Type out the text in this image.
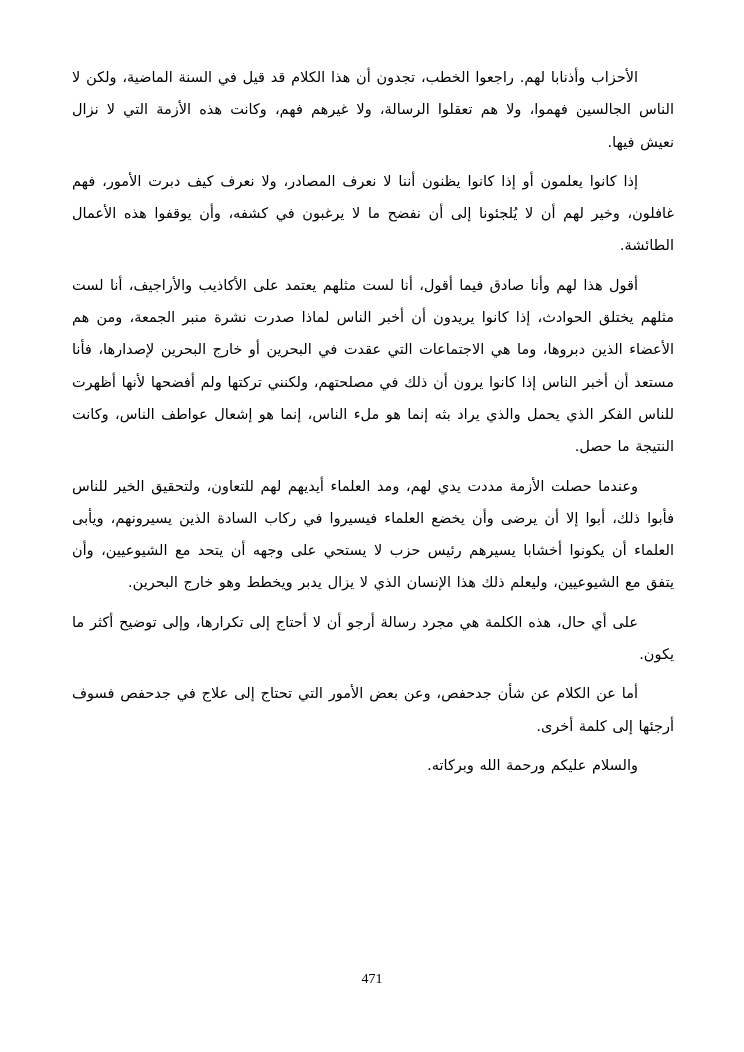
الأحزاب وأذنابا لهم. راجعوا الخطب، تجدون أن هذا الكلام قد قيل في السنة الماضية، ولكن لا الناس الجالسين فهموا، ولا هم تعقلوا الرسالة، ولا غيرهم فهم، وكانت هذه الأزمة التي لا نزال نعيش فيها.

إذا كانوا يعلمون أو إذا كانوا يظنون أننا لا نعرف المصادر، ولا نعرف كيف دبرت الأمور، فهم غافلون، وخير لهم أن لا يُلجئونا إلى أن نفضح ما لا يرغبون في كشفه، وأن يوقفوا هذه الأعمال الطائشة.

أقول هذا لهم وأنا صادق فيما أقول، أنا لست مثلهم يعتمد على الأكاذيب والأراجيف، أنا لست مثلهم يختلق الحوادث، إذا كانوا يريدون أن أخبر الناس لماذا صدرت نشرة منبر الجمعة، ومن هم الأعضاء الذين دبروها، وما هي الاجتماعات التي عقدت في البحرين أو خارج البحرين لإصدارها، فأنا مستعد أن أخبر الناس إذا كانوا يرون أن ذلك في مصلحتهم، ولكنني تركتها ولم أفضحها لأنها أظهرت للناس الفكر الذي يحمل والذي يراد بثه إنما هو ملء الناس، إنما هو إشعال عواطف الناس، وكانت النتيجة ما حصل.

وعندما حصلت الأزمة مددت يدي لهم، ومد العلماء أيديهم لهم للتعاون، ولتحقيق الخير للناس فأبوا ذلك، أبوا إلا أن يرضى وأن يخضع العلماء فيسيروا في ركاب السادة الذين يسيرونهم، ويأبى العلماء أن يكونوا أخشابا يسيرهم رئيس حزب لا يستحي على وجهه أن يتحد مع الشيوعيين، وأن يتفق مع الشيوعيين، وليعلم ذلك هذا الإنسان الذي لا يزال يدبر ويخطط وهو خارج البحرين.

على أي حال، هذه الكلمة هي مجرد رسالة أرجو أن لا أحتاج إلى تكرارها، وإلى توضيح أكثر ما يكون.

أما عن الكلام عن شأن جدحفص، وعن بعض الأمور التي تحتاج إلى علاج في جدحفص فسوف أرجئها إلى كلمة أخرى.

والسلام عليكم ورحمة الله وبركاته.

471
